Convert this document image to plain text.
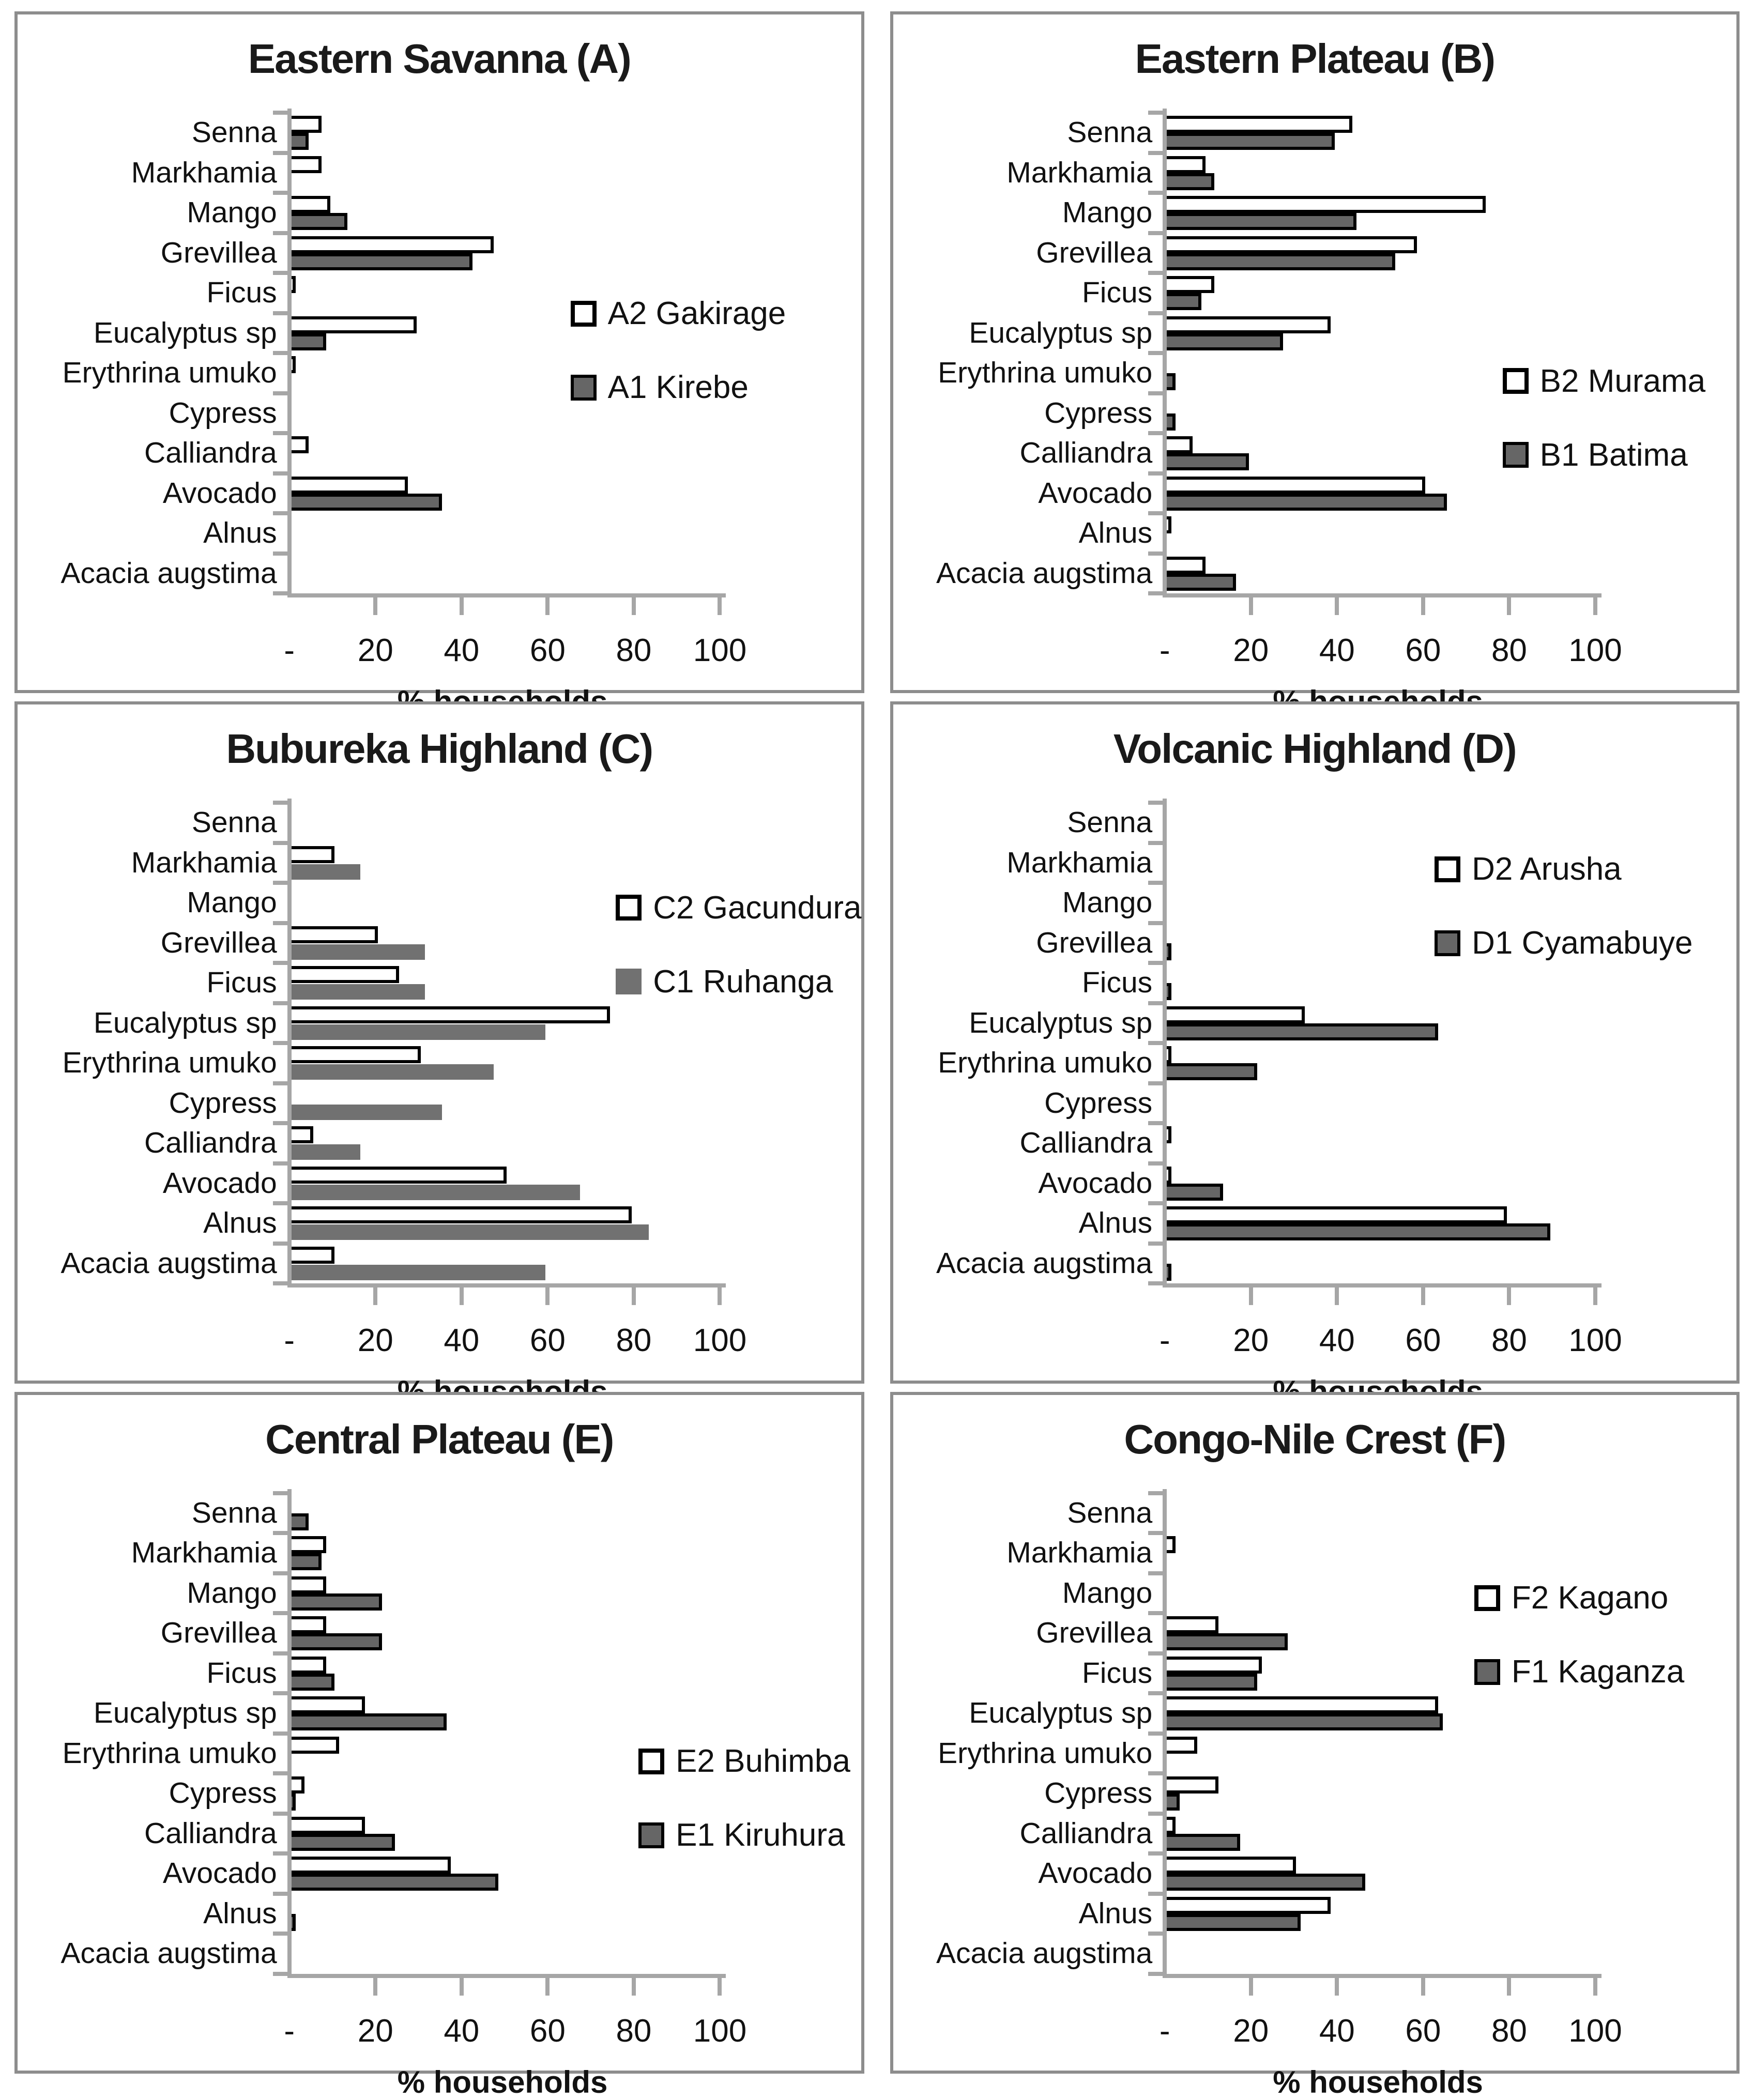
Eastern Savanna (A)
Senna
Markhamia
Mango
Grevillea
Ficus
Eucalyptus sp
Erythrina umuko
Cypress
Calliandra
Avocado
Alnus
Acacia augstima
A2 Gakirage
A1 Kirebe
- 20 40 60 80 100
Eastern Plateau (B)
Senna
Markhamia
Mango
Grevillea
Ficus
Eucalyptus sp
Erythrina umuko
Cypress
Calliandra
Avocado
Alnus
Acacia augstima
B2 Murama
B1 Batima
- 20 40 60 80 100
Bubureka Highland (C)
Senna
Markhamia
Mango
Grevillea
Ficus
Eucalyptus sp
Erythrina umuko
Cypress
Calliandra
Avocado
Alnus
Acacia augstima
C2 Gacundura
C1 Ruhanga
- 20 40 60 80 100
Volcanic Highland (D)
Senna
Markhamia
Mango
Grevillea
Ficus
Eucalyptus sp
Erythrina umuko
Cypress
Calliandra
Avocado
Alnus
Acacia augstima
D2 Arusha
D1 Cyamabuye
- 20 40 60 80 100
Central Plateau (E)
Senna
Markhamia
Mango
Grevillea
Ficus
Eucalyptus sp
Erythrina umuko
Cypress
Calliandra
Avocado
Alnus
Acacia augstima
% households
E2 Buhimba
E1 Kiruhura
- 20 40 60 80 100
Congo-Nile Crest (F)
Senna
Markhamia
Mango
Grevillea
Ficus
Eucalyptus sp
Erythrina umuko
Cypress
Calliandra
Avocado
Alnus
Acacia augstima
% households
F2 Kagano
F1 Kaganza
- 20 40 60 80 100
